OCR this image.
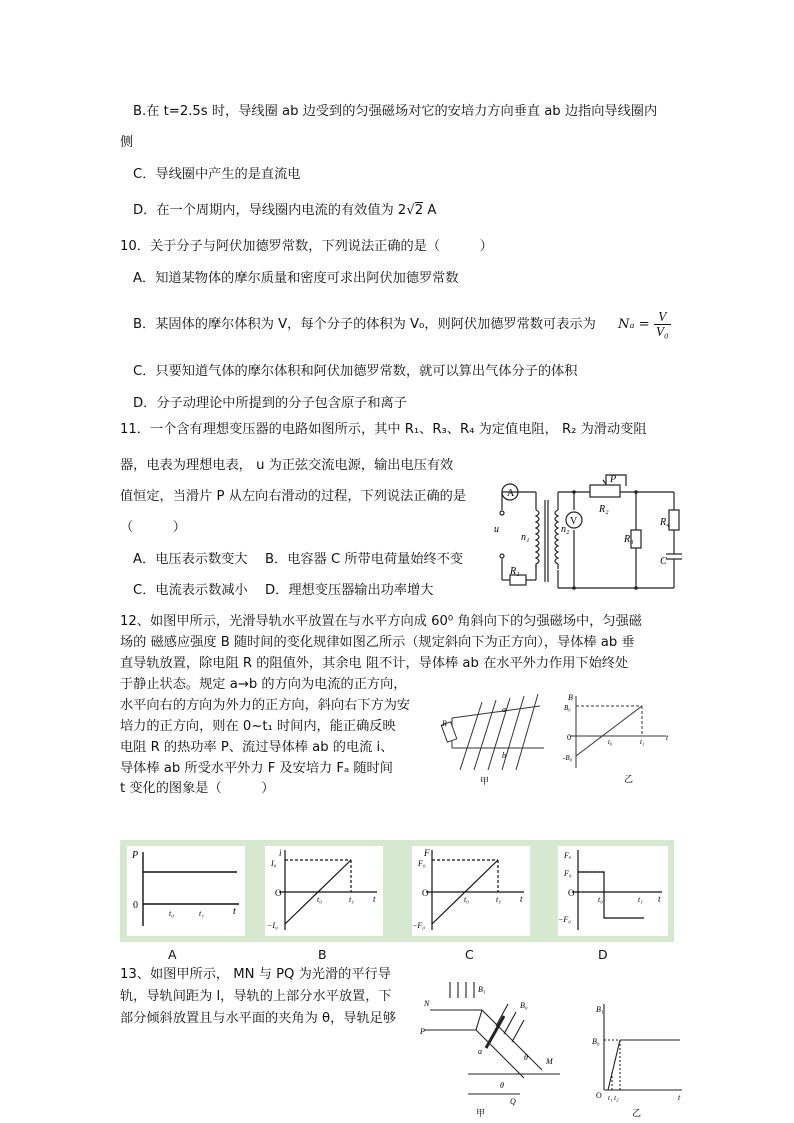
B.在 t=2.5s 时，导线圈 ab 边受到的匀强磁场对它的安培力方向垂直 ab 边指向导线圈内
侧
C．导线圈中产生的是直流电
D．在一个周期内，导线圈内电流的有效值为 2√2 A
10．关于分子与阿伏加德罗常数，下列说法正确的是（　　　）
A．知道某物体的摩尔质量和密度可求出阿伏加德罗常数
B．某固体的摩尔体积为 V，每个分子的体积为 V₀，则阿伏加德罗常数可表示为 $N_a = \frac{V}{\text{V₀}}$
C．只要知道气体的摩尔体积和阿伏加德罗常数，就可以算出气体分子的体积
D．分子动理论中所提到的分子包含原子和离子
11．一个含有理想变压器的电路如图所示，其中 R₁、R₃、R₄ 为定值电阻， R₂ 为滑动变阻
器，电表为理想电表， u 为正弦交流电源，输出电压有效
值恒定，当滑片 P 从左向右滑动的过程，下列说法正确的是
（　　　）
A．电压表示数变大 B．电容器 C 所带电荷量始终不变
C．电流表示数减小 D．理想变压器输出功率增大
A
V
u
n₁
n₂
R₁
R₂
R₃
R₄
C
P
12、如图甲所示，光滑导轨水平放置在与水平方向成 60⁰ 角斜向下的匀强磁场中，匀强磁
场的 磁感应强度 B 随时间的变化规律如图乙所示（规定斜向下为正方向），导体棒 ab 垂
直导轨放置，除电阻 R 的阻值外，其余电 阻不计，导体棒 ab 在水平外力作用下始终处
于静止状态。规定 a→b 的方向为电流的正方向，
水平向右的方向为外力的正方向，斜向右下方为安
培力的正方向，则在 0~t₁ 时间内，能正确反映
电阻 R 的热功率 P、流过导体棒 ab 的电流 i、
导体棒 ab 所受水平外力 F 及安培力 Fₐ 随时间
t 变化的图象是（　　　）
R
a
b
甲
B
B₀
0
-B₀
t₀	t₁	t
乙
P
0
t₀	t₁	t
i
I₀
O
−I₀
t₀	t₁ t
F
F₀
O
−F₀
t₀	t₁ t
Fₐ
F₀
O
−F₀
t₀	t₁ t
A	B	C	D
13、如图甲所示， MN 与 PQ 为光滑的平行导
轨，导轨间距为 l，导轨的上部分水平放置，下
部分倾斜放置且与水平面的夹角为 θ，导轨足够
N
P
B₁
B₀
a
M
θ
θ
Q
甲
B₁
B₀
O t₁ t₂	t
乙
